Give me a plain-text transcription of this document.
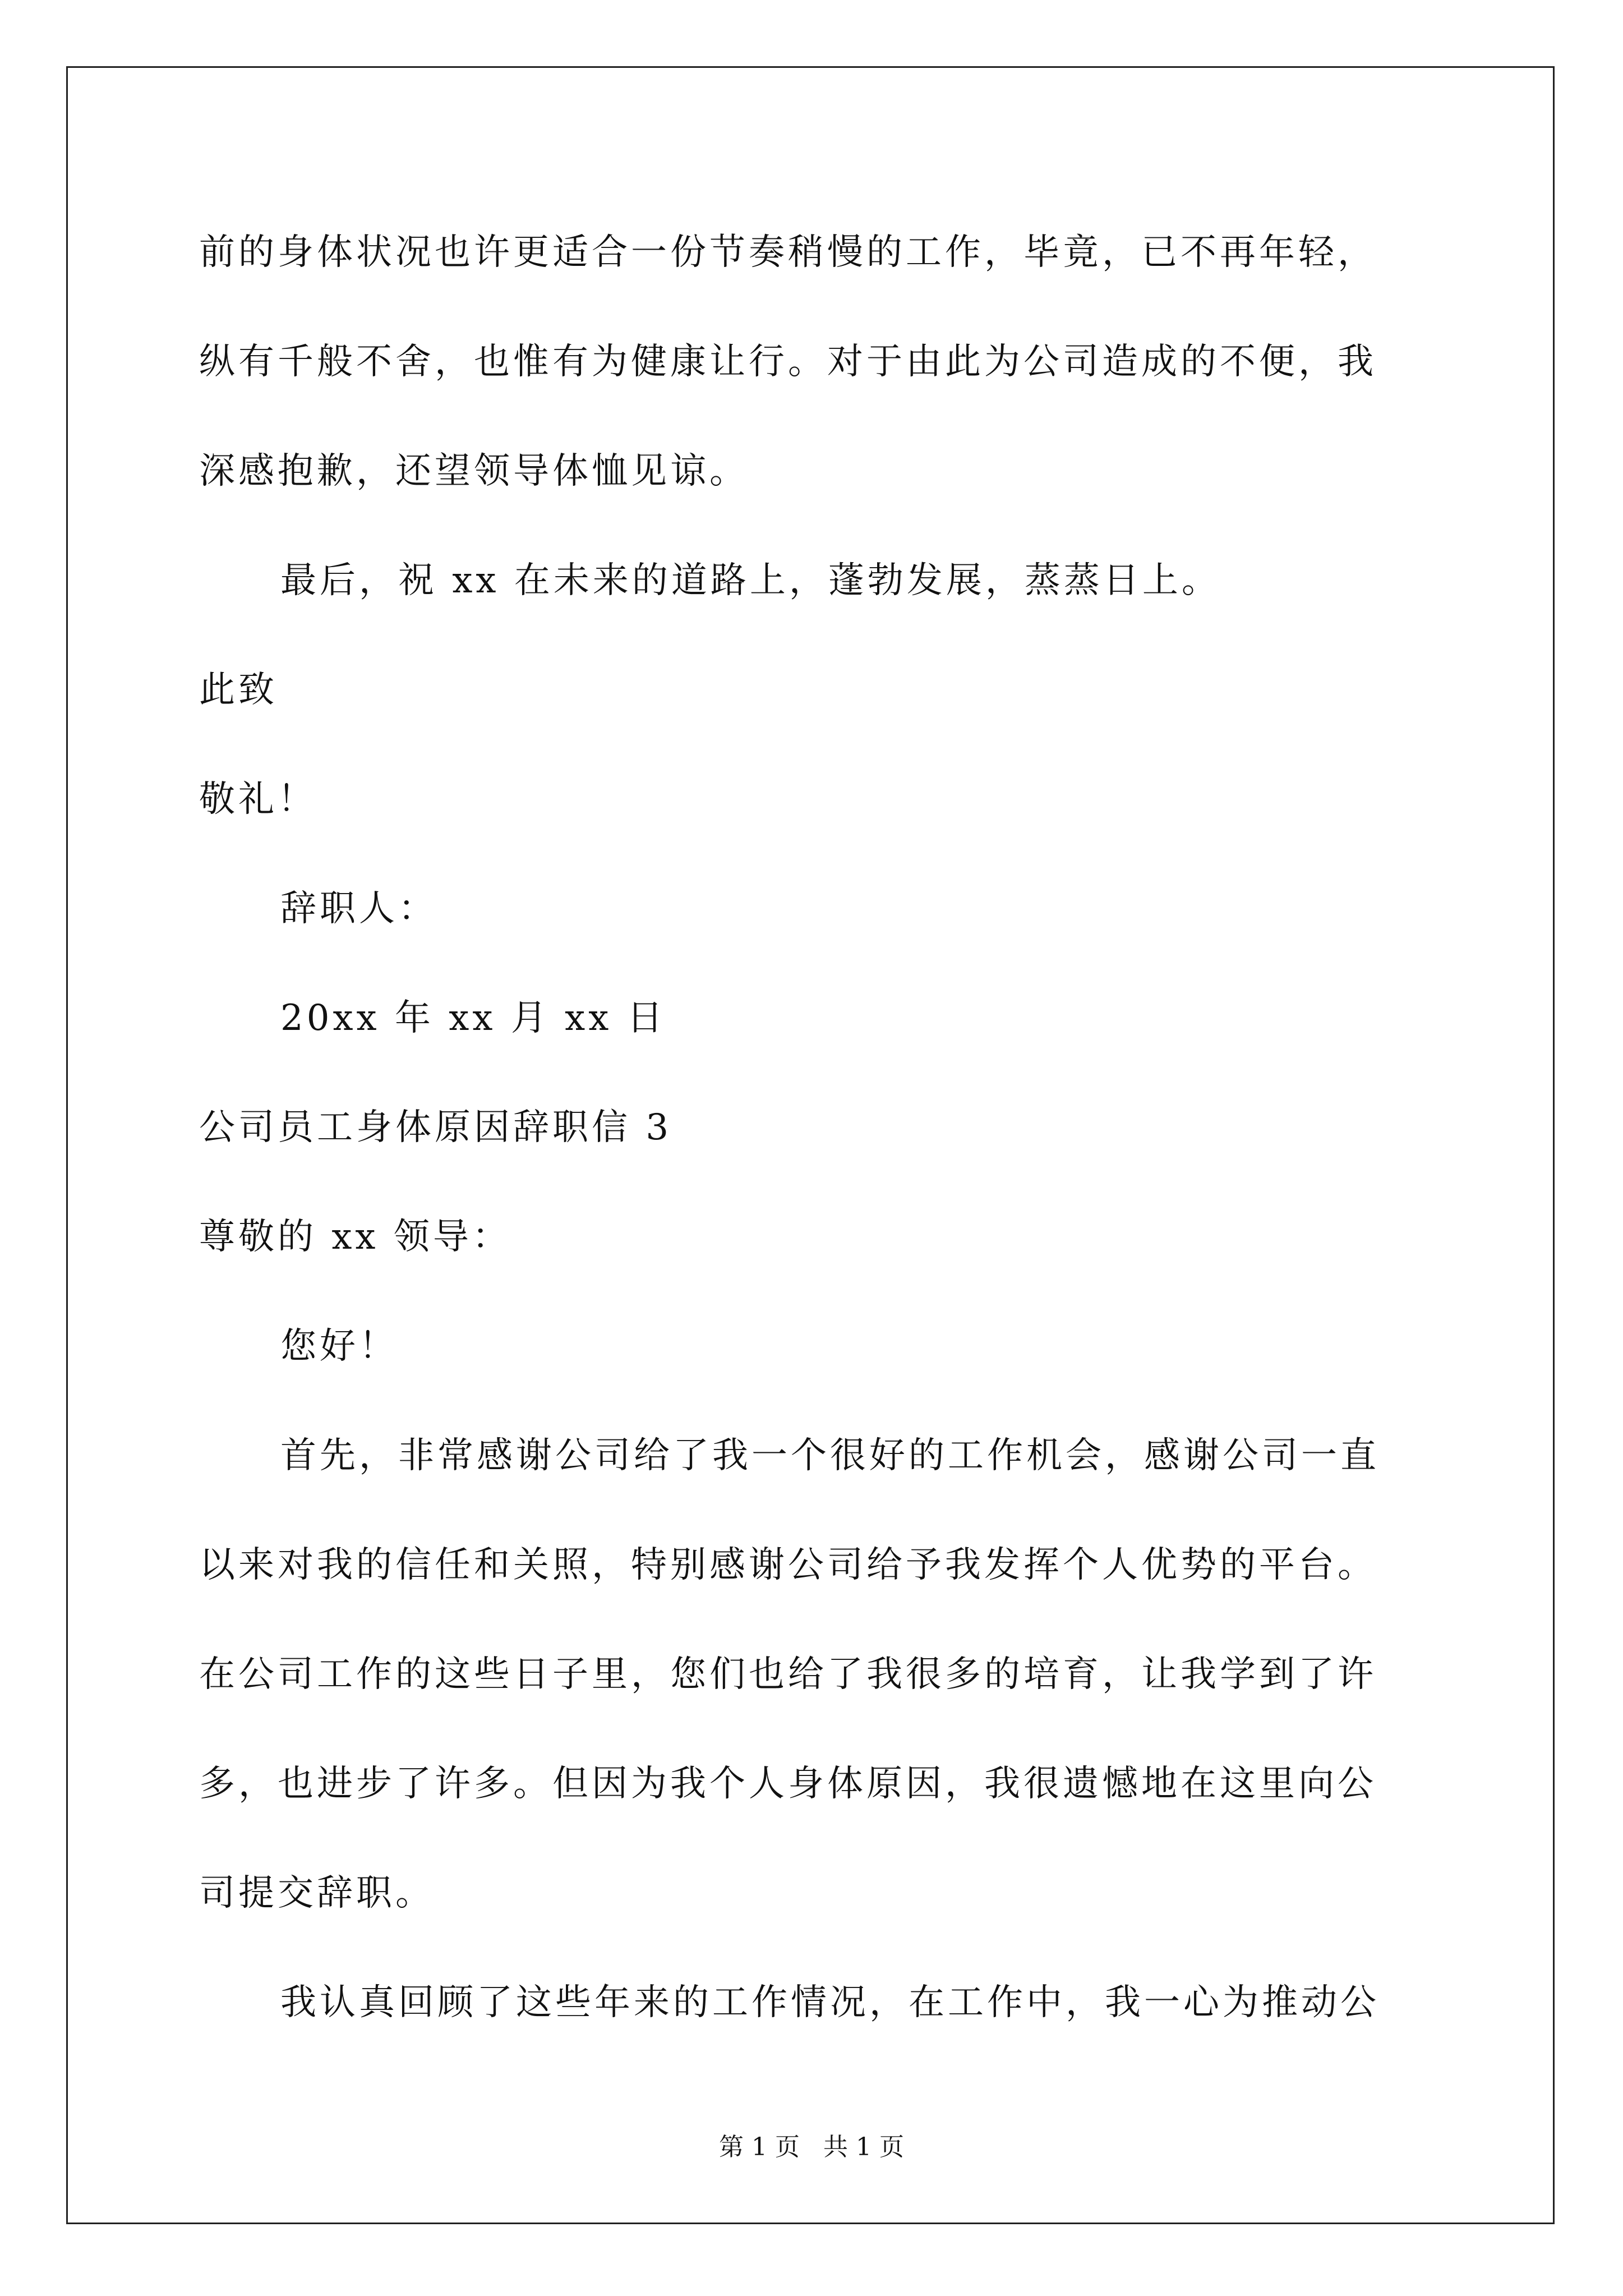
前的身体状况也许更适合一份节奏稍慢的工作，毕竟，已不再年轻，
纵有千般不舍，也惟有为健康让行。对于由此为公司造成的不便，我
深感抱歉，还望领导体恤见谅。
最后，祝 xx 在未来的道路上，蓬勃发展，蒸蒸日上。
此致
敬礼！
辞职人：
20xx 年 xx 月 xx 日
公司员工身体原因辞职信 3
尊敬的 xx 领导：
您好！
首先，非常感谢公司给了我一个很好的工作机会，感谢公司一直
以来对我的信任和关照，特别感谢公司给予我发挥个人优势的平台。
在公司工作的这些日子里，您们也给了我很多的培育，让我学到了许
多，也进步了许多。但因为我个人身体原因，我很遗憾地在这里向公
司提交辞职。
我认真回顾了这些年来的工作情况，在工作中，我一心为推动公
第 1 页   共 1 页
